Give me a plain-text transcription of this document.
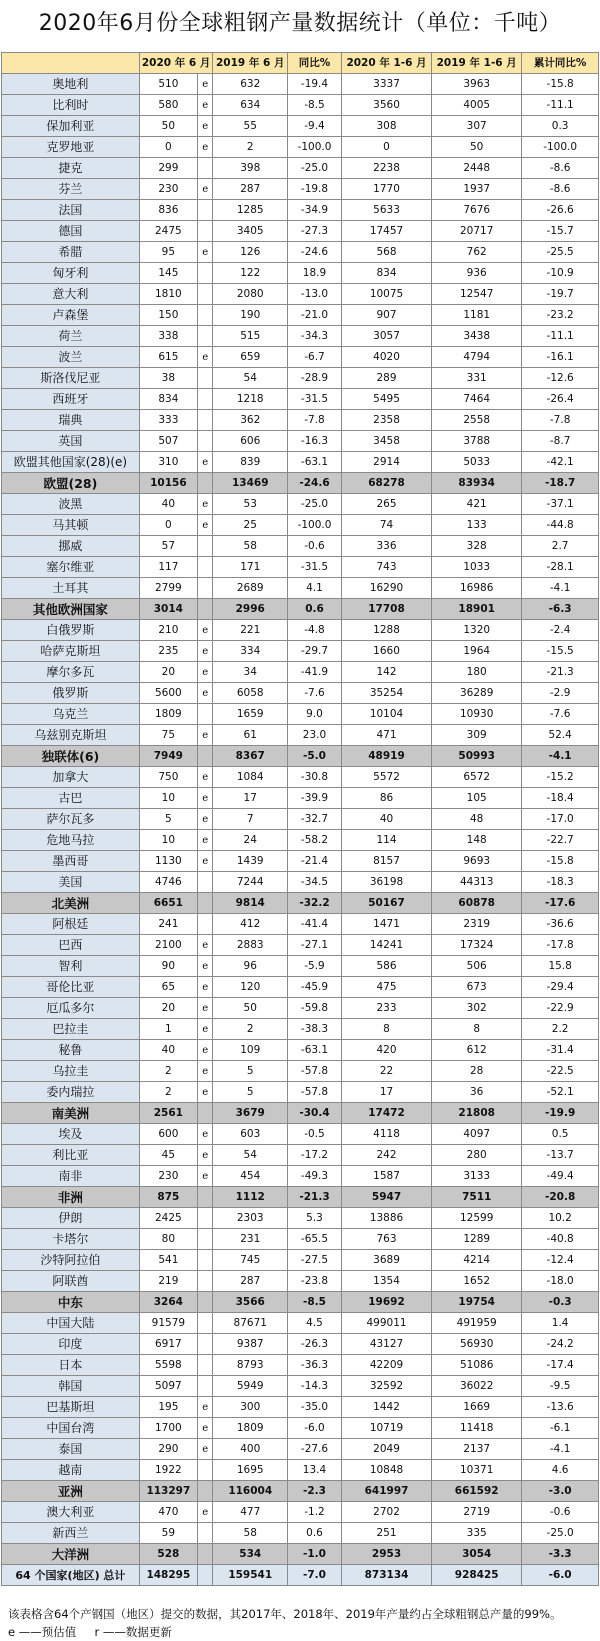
2020年6月份全球粗钢产量数据统计（单位：千吨）
	2020 年 6 月		2019 年 6 月	同比%	2020 年 1-6 月	2019 年 1-6 月	累计同比%
奥地利	510	e	632	-19.4	3337	3963	-15.8
比利时	580	e	634	-8.5	3560	4005	-11.1
保加利亚	50	e	55	-9.4	308	307	0.3
克罗地亚	0	e	2	-100.0	0	50	-100.0
捷克	299		398	-25.0	2238	2448	-8.6
芬兰	230	e	287	-19.8	1770	1937	-8.6
法国	836		1285	-34.9	5633	7676	-26.6
德国	2475		3405	-27.3	17457	20717	-15.7
希腊	95	e	126	-24.6	568	762	-25.5
匈牙利	145		122	18.9	834	936	-10.9
意大利	1810		2080	-13.0	10075	12547	-19.7
卢森堡	150		190	-21.0	907	1181	-23.2
荷兰	338		515	-34.3	3057	3438	-11.1
波兰	615	e	659	-6.7	4020	4794	-16.1
斯洛伐尼亚	38		54	-28.9	289	331	-12.6
西班牙	834		1218	-31.5	5495	7464	-26.4
瑞典	333		362	-7.8	2358	2558	-7.8
英国	507		606	-16.3	3458	3788	-8.7
欧盟其他国家(28)(e)	310	e	839	-63.1	2914	5033	-42.1
欧盟(28)	10156		13469	-24.6	68278	83934	-18.7
波黑	40	e	53	-25.0	265	421	-37.1
马其顿	0	e	25	-100.0	74	133	-44.8
挪威	57		58	-0.6	336	328	2.7
塞尔维亚	117		171	-31.5	743	1033	-28.1
土耳其	2799		2689	4.1	16290	16986	-4.1
其他欧洲国家	3014		2996	0.6	17708	18901	-6.3
白俄罗斯	210	e	221	-4.8	1288	1320	-2.4
哈萨克斯坦	235	e	334	-29.7	1660	1964	-15.5
摩尔多瓦	20	e	34	-41.9	142	180	-21.3
俄罗斯	5600	e	6058	-7.6	35254	36289	-2.9
乌克兰	1809		1659	9.0	10104	10930	-7.6
乌兹别克斯坦	75	e	61	23.0	471	309	52.4
独联体(6)	7949		8367	-5.0	48919	50993	-4.1
加拿大	750	e	1084	-30.8	5572	6572	-15.2
古巴	10	e	17	-39.9	86	105	-18.4
萨尔瓦多	5	e	7	-32.7	40	48	-17.0
危地马拉	10	e	24	-58.2	114	148	-22.7
墨西哥	1130	e	1439	-21.4	8157	9693	-15.8
美国	4746		7244	-34.5	36198	44313	-18.3
北美洲	6651		9814	-32.2	50167	60878	-17.6
阿根廷	241		412	-41.4	1471	2319	-36.6
巴西	2100	e	2883	-27.1	14241	17324	-17.8
智利	90	e	96	-5.9	586	506	15.8
哥伦比亚	65	e	120	-45.9	475	673	-29.4
厄瓜多尔	20	e	50	-59.8	233	302	-22.9
巴拉圭	1	e	2	-38.3	8	8	2.2
秘鲁	40	e	109	-63.1	420	612	-31.4
乌拉圭	2	e	5	-57.8	22	28	-22.5
委内瑞拉	2	e	5	-57.8	17	36	-52.1
南美洲	2561		3679	-30.4	17472	21808	-19.9
埃及	600	e	603	-0.5	4118	4097	0.5
利比亚	45	e	54	-17.2	242	280	-13.7
南非	230	e	454	-49.3	1587	3133	-49.4
非洲	875		1112	-21.3	5947	7511	-20.8
伊朗	2425		2303	5.3	13886	12599	10.2
卡塔尔	80		231	-65.5	763	1289	-40.8
沙特阿拉伯	541		745	-27.5	3689	4214	-12.4
阿联酋	219		287	-23.8	1354	1652	-18.0
中东	3264		3566	-8.5	19692	19754	-0.3
中国大陆	91579		87671	4.5	499011	491959	1.4
印度	6917		9387	-26.3	43127	56930	-24.2
日本	5598		8793	-36.3	42209	51086	-17.4
韩国	5097		5949	-14.3	32592	36022	-9.5
巴基斯坦	195	e	300	-35.0	1442	1669	-13.6
中国台湾	1700	e	1809	-6.0	10719	11418	-6.1
泰国	290	e	400	-27.6	2049	2137	-4.1
越南	1922		1695	13.4	10848	10371	4.6
亚洲	113297		116004	-2.3	641997	661592	-3.0
澳大利亚	470	e	477	-1.2	2702	2719	-0.6
新西兰	59		58	0.6	251	335	-25.0
大洋洲	528		534	-1.0	2953	3054	-3.3
64 个国家(地区) 总计	148295		159541	-7.0	873134	928425	-6.0
该表格含64个产钢国（地区）提交的数据，其2017年、2018年、2019年产量约占全球粗钢总产量的99%。
e ——预估值 r ——数据更新
